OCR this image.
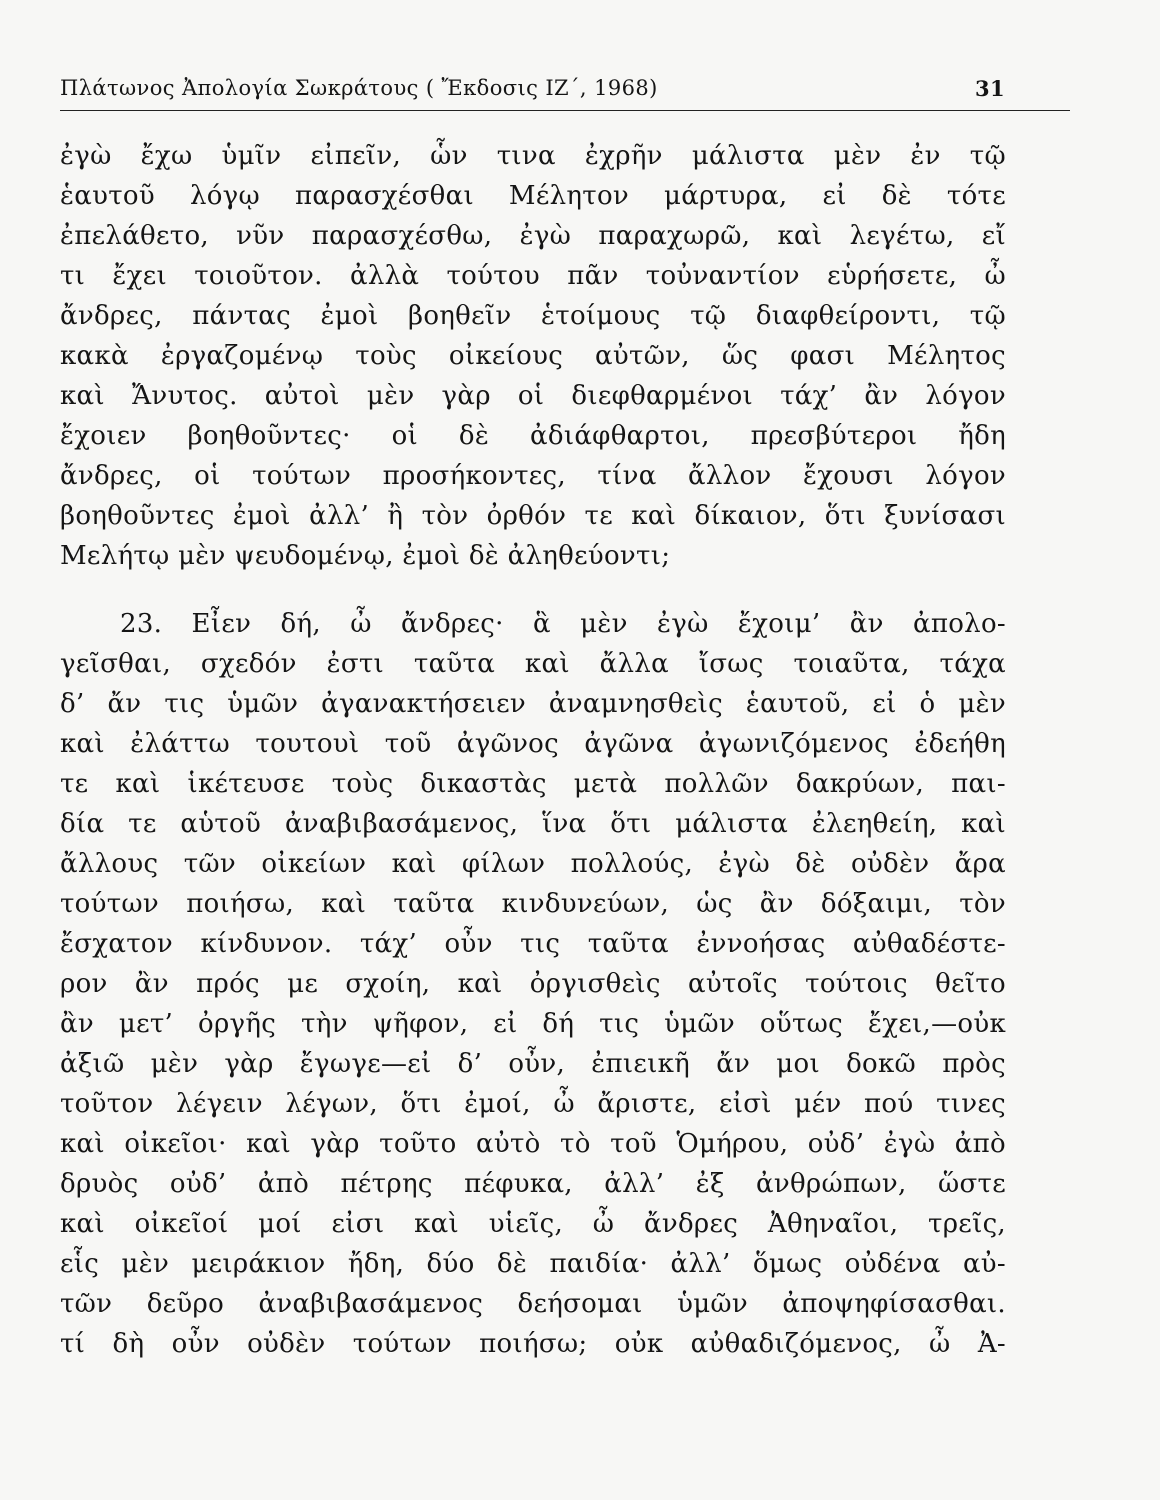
Πλάτωνος Ἀπολογία Σωκράτους ( Ἔκδοσις ΙΖ΄, 1968)	31
ἐγὼ ἔχω ὑμῖν εἰπεῖν, ὧν τινα ἐχρῆν μάλιστα μὲν ἐν τῷ
ἑαυτοῦ λόγῳ παρασχέσθαι Μέλητον μάρτυρα, εἰ δὲ τότε
ἐπελάθετο, νῦν παρασχέσθω, ἐγὼ παραχωρῶ, καὶ λεγέτω, εἴ
τι ἔχει τοιοῦτον. ἀλλὰ τούτου πᾶν τοὐναντίον εὑρήσετε, ὦ
ἄνδρες, πάντας ἐμοὶ βοηθεῖν ἑτοίμους τῷ διαφθείροντι, τῷ
κακὰ ἐργαζομένῳ τοὺς οἰκείους αὐτῶν, ὥς φασι Μέλητος
καὶ Ἄνυτος. αὐτοὶ μὲν γὰρ οἱ διεφθαρμένοι τάχ’ ἂν λόγον
ἔχοιεν βοηθοῦντες· οἱ δὲ ἀδιάφθαρτοι, πρεσβύτεροι ἤδη
ἄνδρες, οἱ τούτων προσήκοντες, τίνα ἄλλον ἔχουσι λόγον
βοηθοῦντες ἐμοὶ ἀλλ’ ἢ τὸν ὀρθόν τε καὶ δίκαιον, ὅτι ξυνίσασι
Μελήτῳ μὲν ψευδομένῳ, ἐμοὶ δὲ ἀληθεύοντι;
23. Εἶεν δή, ὦ ἄνδρες· ἃ μὲν ἐγὼ ἔχοιμ’ ἂν ἀπολο-
γεῖσθαι, σχεδόν ἐστι ταῦτα καὶ ἄλλα ἴσως τοιαῦτα, τάχα
δ’ ἄν τις ὑμῶν ἀγανακτήσειεν ἀναμνησθεὶς ἑαυτοῦ, εἰ ὁ μὲν
καὶ ἐλάττω τουτουὶ τοῦ ἀγῶνος ἀγῶνα ἀγωνιζόμενος ἐδεήθη
τε καὶ ἱκέτευσε τοὺς δικαστὰς μετὰ πολλῶν δακρύων, παι-
δία τε αὑτοῦ ἀναβιβασάμενος, ἵνα ὅτι μάλιστα ἐλεηθείη, καὶ
ἄλλους τῶν οἰκείων καὶ φίλων πολλούς, ἐγὼ δὲ οὐδὲν ἄρα
τούτων ποιήσω, καὶ ταῦτα κινδυνεύων, ὡς ἂν δόξαιμι, τὸν
ἔσχατον κίνδυνον. τάχ’ οὖν τις ταῦτα ἐννοήσας αὐθαδέστε-
ρον ἂν πρός με σχοίη, καὶ ὀργισθεὶς αὐτοῖς τούτοις θεῖτο
ἂν μετ’ ὀργῆς τὴν ψῆφον, εἰ δή τις ὑμῶν οὕτως ἔχει,—οὐκ
ἀξιῶ μὲν γὰρ ἔγωγε—εἰ δ’ οὖν, ἐπιεικῆ ἄν μοι δοκῶ πρὸς
τοῦτον λέγειν λέγων, ὅτι ἐμοί, ὦ ἄριστε, εἰσὶ μέν πού τινες
καὶ οἰκεῖοι· καὶ γὰρ τοῦτο αὐτὸ τὸ τοῦ Ὁμήρου, οὐδ’ ἐγὼ ἀπὸ
δρυὸς οὐδ’ ἀπὸ πέτρης πέφυκα, ἀλλ’ ἐξ ἀνθρώπων, ὥστε
καὶ οἰκεῖοί μοί εἰσι καὶ υἱεῖς, ὦ ἄνδρες Ἀθηναῖοι, τρεῖς,
εἷς μὲν μειράκιον ἤδη, δύο δὲ παιδία· ἀλλ’ ὅμως οὐδένα αὐ-
τῶν δεῦρο ἀναβιβασάμενος δεήσομαι ὑμῶν ἀποψηφίσασθαι.
τί δὴ οὖν οὐδὲν τούτων ποιήσω; οὐκ αὐθαδιζόμενος, ὦ Ἀ-
